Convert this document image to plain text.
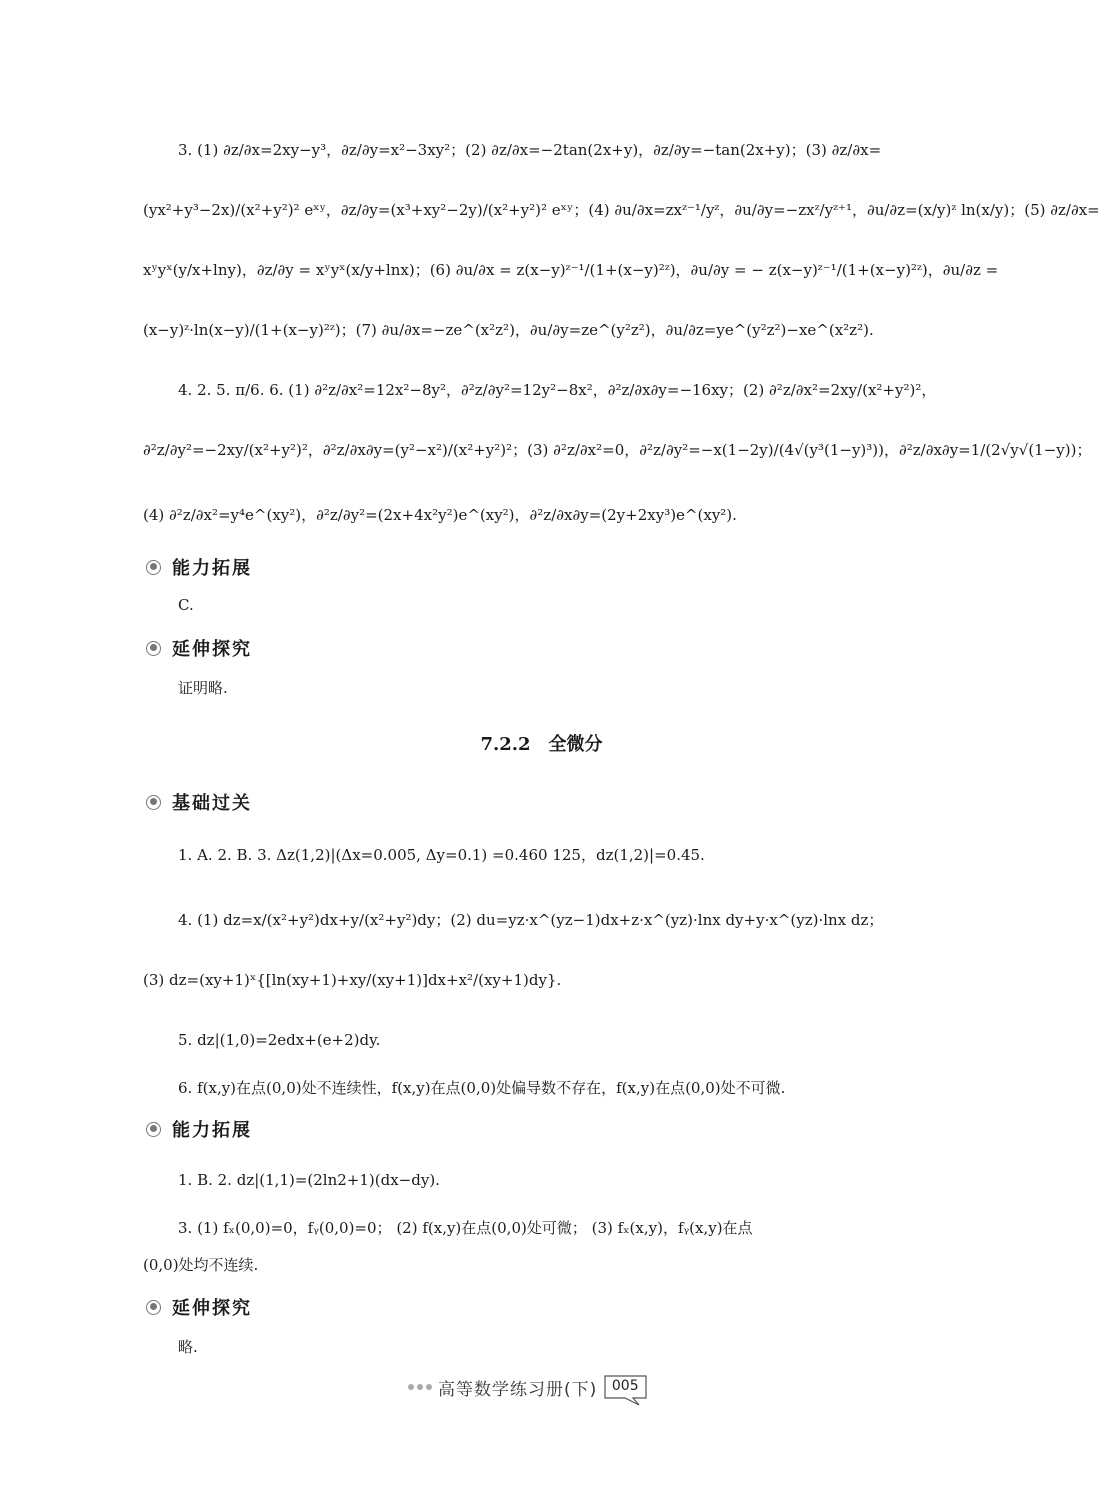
3. (1) ∂z/∂x=2xy−y³，∂z/∂y=x²−3xy²；(2) ∂z/∂x=−2tan(2x+y)，∂z/∂y=−tan(2x+y)；(3) ∂z/∂x=
(yx²+y³−2x)/(x²+y²)² eˣʸ，∂z/∂y=(x³+xy²−2y)/(x²+y²)² eˣʸ；(4) ∂u/∂x=zxᶻ⁻¹/yᶻ，∂u/∂y=−zxᶻ/yᶻ⁺¹，∂u/∂z=(x/y)ᶻ ln(x/y)；(5) ∂z/∂x=
xʸyˣ(y/x+lny)，∂z/∂y = xʸyˣ(x/y+lnx)；(6) ∂u/∂x = z(x−y)ᶻ⁻¹/(1+(x−y)²ᶻ)，∂u/∂y = − z(x−y)ᶻ⁻¹/(1+(x−y)²ᶻ)，∂u/∂z =
(x−y)ᶻ·ln(x−y)/(1+(x−y)²ᶻ)；(7) ∂u/∂x=−ze^(x²z²)，∂u/∂y=ze^(y²z²)，∂u/∂z=ye^(y²z²)−xe^(x²z²).
4. 2. 5. π/6. 6. (1) ∂²z/∂x²=12x²−8y²，∂²z/∂y²=12y²−8x²，∂²z/∂x∂y=−16xy；(2) ∂²z/∂x²=2xy/(x²+y²)²，
∂²z/∂y²=−2xy/(x²+y²)²，∂²z/∂x∂y=(y²−x²)/(x²+y²)²；(3) ∂²z/∂x²=0，∂²z/∂y²=−x(1−2y)/(4√(y³(1−y)³))，∂²z/∂x∂y=1/(2√y√(1−y))；
(4) ∂²z/∂x²=y⁴e^(xy²)，∂²z/∂y²=(2x+4x²y²)e^(xy²)，∂²z/∂x∂y=(2y+2xy³)e^(xy²).
能力拓展
C.
延伸探究
证明略.
7.2.2　全微分
基础过关
1. A. 2. B. 3. Δz(1,2)|(Δx=0.005, Δy=0.1) =0.460 125，dz(1,2)|=0.45.
4. (1) dz=x/(x²+y²)dx+y/(x²+y²)dy；(2) du=yz·x^(yz−1)dx+z·x^(yz)·lnx dy+y·x^(yz)·lnx dz；
(3) dz=(xy+1)ˣ{[ln(xy+1)+xy/(xy+1)]dx+x²/(xy+1)dy}.
5. dz|(1,0)=2edx+(e+2)dy.
6. f(x,y)在点(0,0)处不连续性，f(x,y)在点(0,0)处偏导数不存在，f(x,y)在点(0,0)处不可微.
能力拓展
1. B. 2. dz|(1,1)=(2ln2+1)(dx−dy).
3. (1) fₓ(0,0)=0，fᵧ(0,0)=0； (2) f(x,y)在点(0,0)处可微； (3) fₓ(x,y)，fᵧ(x,y)在点
(0,0)处均不连续.
延伸探究
略.
高等数学练习册(下)	005
